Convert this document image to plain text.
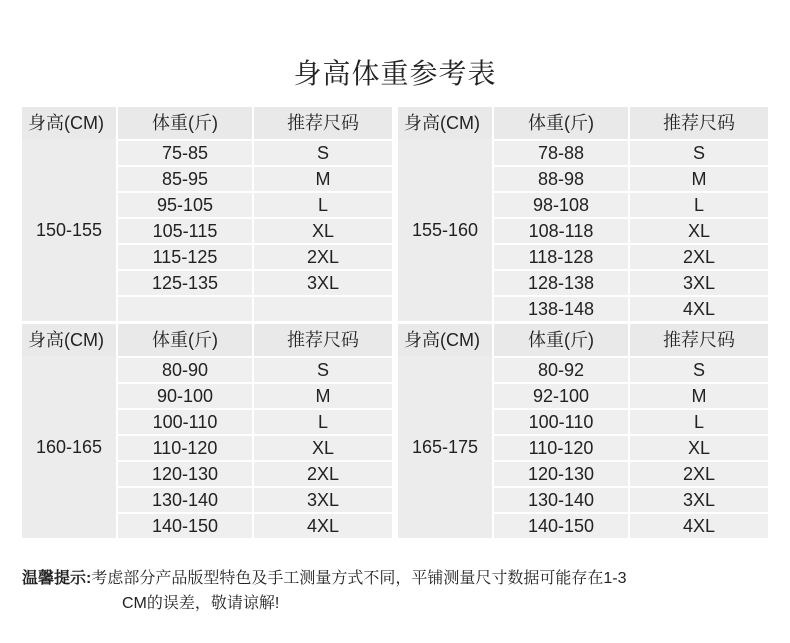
身高体重参考表
身高(CM)	体重(斤)	推荐尺码
150-155
75-85	S
85-95	M
95-105	L
105-115	XL
115-125	2XL
125-135	3XL
身高(CM)	体重(斤)	推荐尺码
155-160
78-88	S
88-98	M
98-108	L
108-118	XL
118-128	2XL
128-138	3XL
138-148	4XL
身高(CM)	体重(斤)	推荐尺码
160-165
80-90	S
90-100	M
100-110	L
110-120	XL
120-130	2XL
130-140	3XL
140-150	4XL
身高(CM)	体重(斤)	推荐尺码
165-175
80-92	S
92-100	M
100-110	L
110-120	XL
120-130	2XL
130-140	3XL
140-150	4XL
温馨提示:考虑部分产品版型特色及手工测量方式不同，平铺测量尺寸数据可能存在1-3
CM的误差，敬请谅解!
